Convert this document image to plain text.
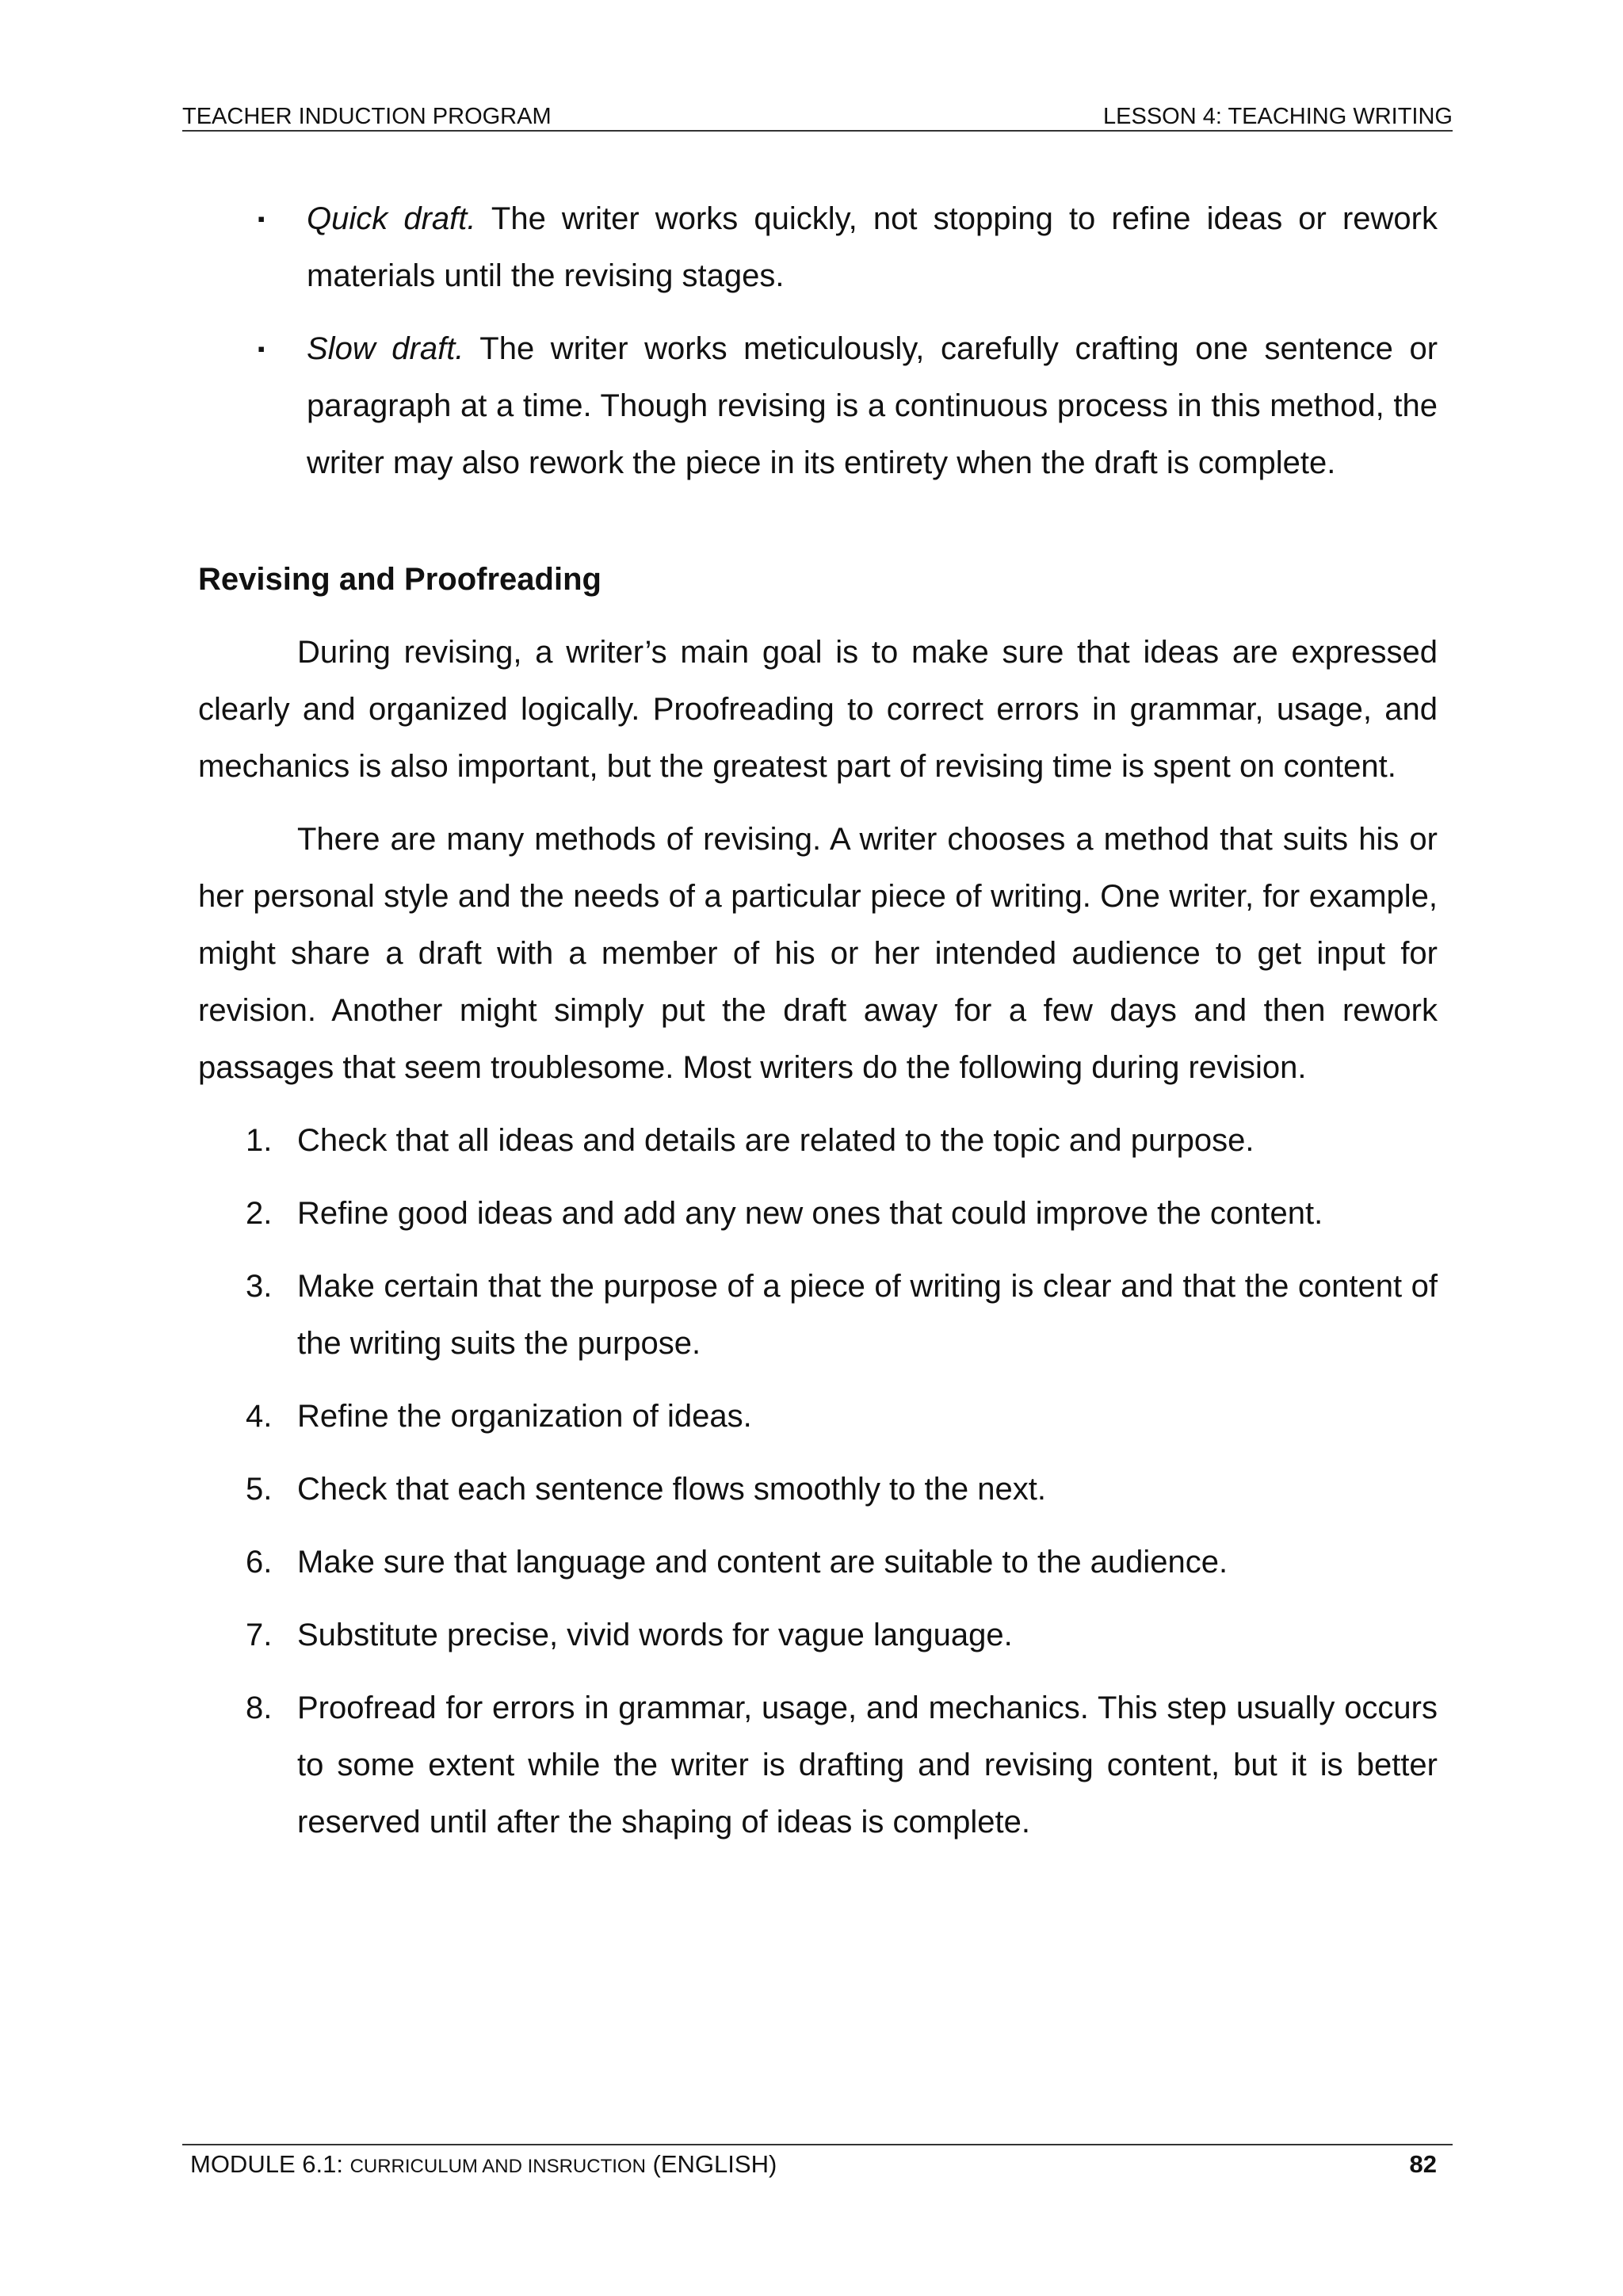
TEACHER INDUCTION PROGRAM	LESSON 4: TEACHING WRITING
▪ Quick draft. The writer works quickly, not stopping to refine ideas or rework materials until the revising stages.
▪ Slow draft. The writer works meticulously, carefully crafting one sentence or paragraph at a time. Though revising is a continuous process in this method, the writer may also rework the piece in its entirety when the draft is complete.
Revising and Proofreading

During revising, a writer’s main goal is to make sure that ideas are expressed clearly and organized logically. Proofreading to correct errors in grammar, usage, and mechanics is also important, but the greatest part of revising time is spent on content.

There are many methods of revising. A writer chooses a method that suits his or her personal style and the needs of a particular piece of writing. One writer, for example, might share a draft with a member of his or her intended audience to get input for revision. Another might simply put the draft away for a few days and then rework passages that seem troublesome. Most writers do the following during revision.

1. Check that all ideas and details are related to the topic and purpose.
2. Refine good ideas and add any new ones that could improve the content.
3. Make certain that the purpose of a piece of writing is clear and that the content of the writing suits the purpose.
4. Refine the organization of ideas.
5. Check that each sentence flows smoothly to the next.
6. Make sure that language and content are suitable to the audience.
7. Substitute precise, vivid words for vague language.
8. Proofread for errors in grammar, usage, and mechanics. This step usually occurs to some extent while the writer is drafting and revising content, but it is better reserved until after the shaping of ideas is complete.
MODULE 6.1: CURRICULUM AND INSRUCTION (ENGLISH)	82
